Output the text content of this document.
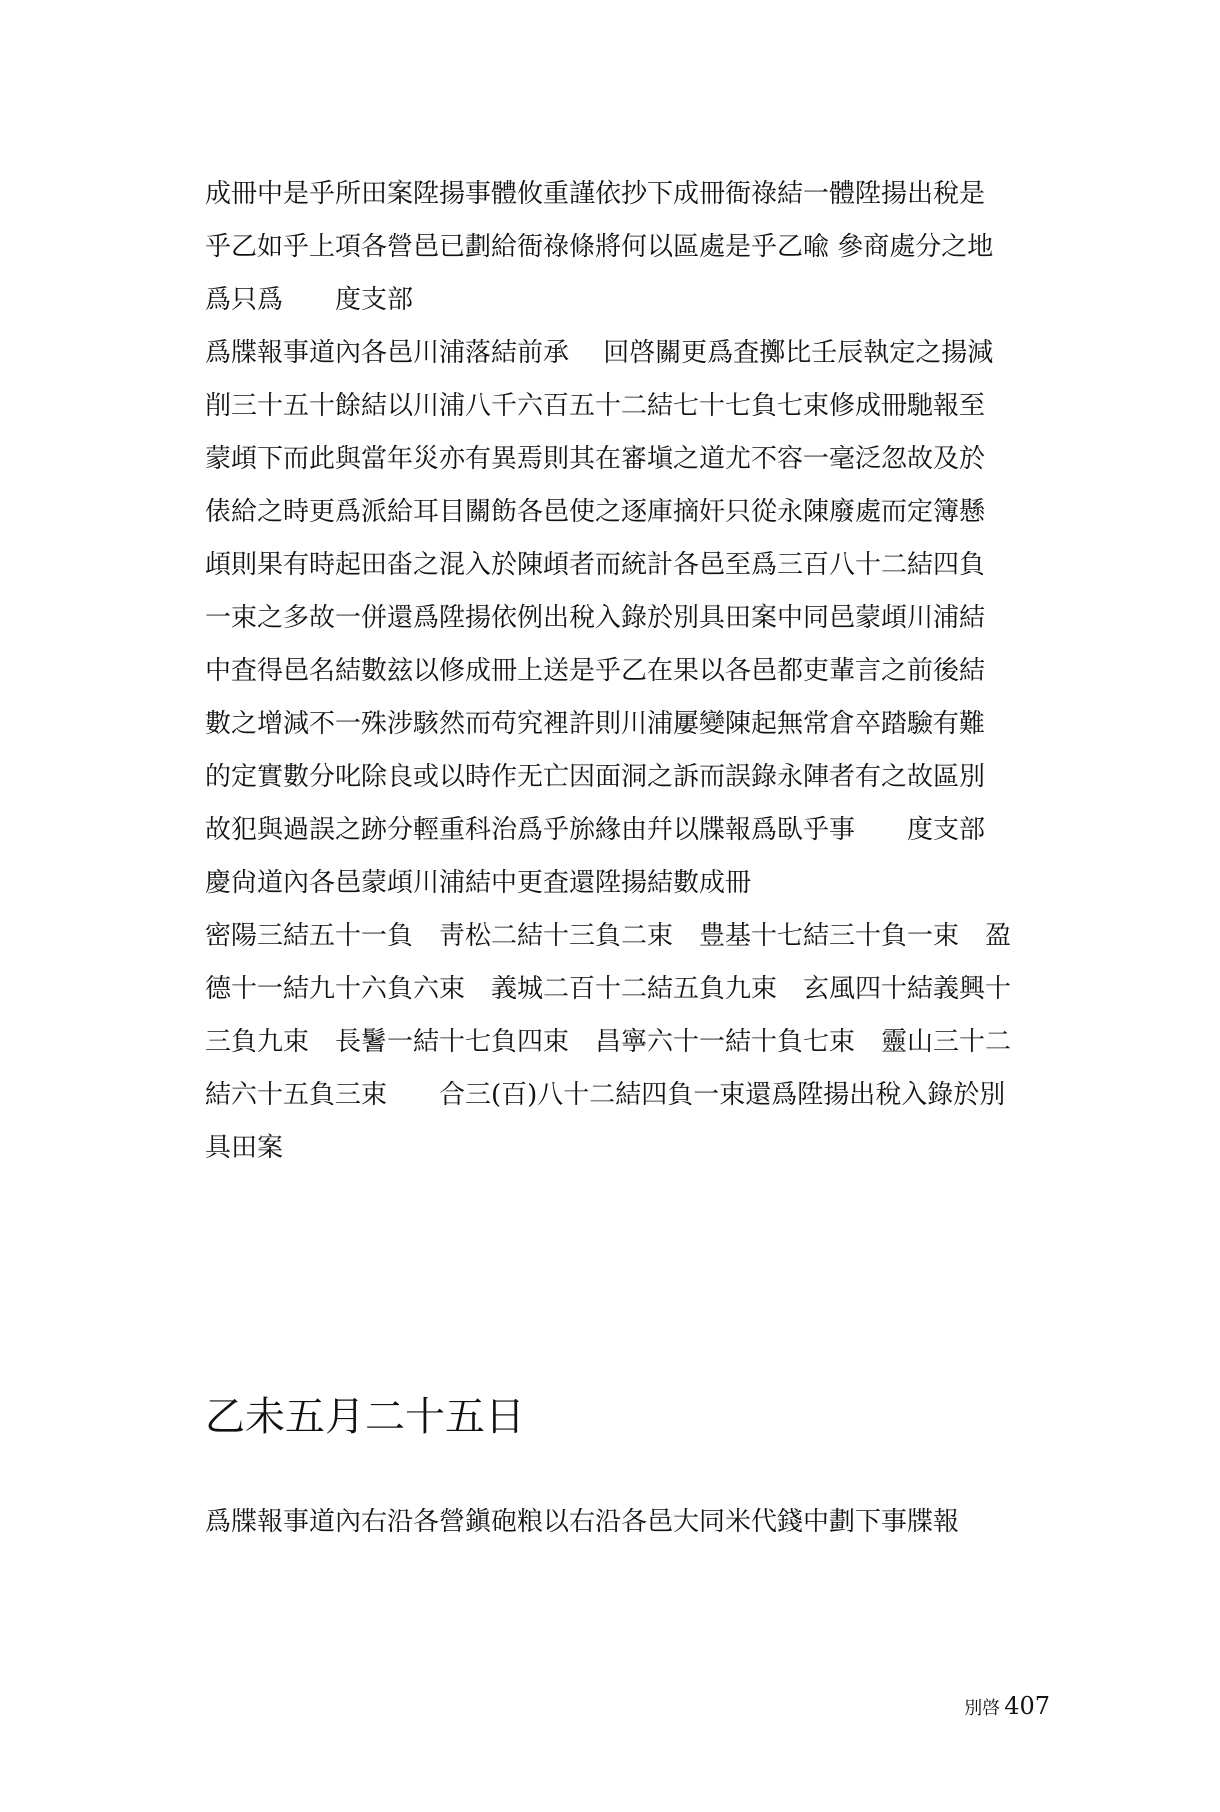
成冊中是乎所田案陞揚事體攸重謹依抄下成冊衙祿結一體陞揚出稅是
乎乙如乎上項各營邑已劃給衙祿條將何以區處是乎乙喩 參商處分之地
爲只爲　　度支部
爲牒報事道內各邑川浦落結前承　 回啓關更爲査擲比壬辰執定之揚減
削三十五十餘結以川浦八千六百五十二結七十七負七束修成冊馳報至
蒙頉下而此與當年災亦有異焉則其在審塡之道尤不容一毫泛忽故及於
俵給之時更爲派給耳目關飭各邑使之逐庫摘奸只從永陳廢處而定簿懸
頉則果有時起田畓之混入於陳頉者而統計各邑至爲三百八十二結四負
一束之多故一併還爲陞揚依例出稅入錄於別具田案中同邑蒙頉川浦結
中査得邑名結數玆以修成冊上送是乎乙在果以各邑都吏輩言之前後結
數之增減不一殊涉駭然而苟究裡許則川浦屢變陳起無常倉卒踏驗有難
的定實數分叱除良或以時作无亡因面洞之訴而誤錄永陣者有之故區別
故犯與過誤之跡分輕重科治爲乎旀緣由幷以牒報爲臥乎事　　度支部
慶尙道內各邑蒙頉川浦結中更査還陞揚結數成冊
密陽三結五十一負　靑松二結十三負二束　豊基十七結三十負一束　盈
德十一結九十六負六束　義城二百十二結五負九束　玄風四十結義興十
三負九束　長鬐一結十七負四束　昌寧六十一結十負七束　靈山三十二
結六十五負三束　　合三(百)八十二結四負一束還爲陞揚出稅入錄於別
具田案
乙未五月二十五日
爲牒報事道內右沿各營鎭砲粮以右沿各邑大同米代錢中劃下事牒報
別啓 407
